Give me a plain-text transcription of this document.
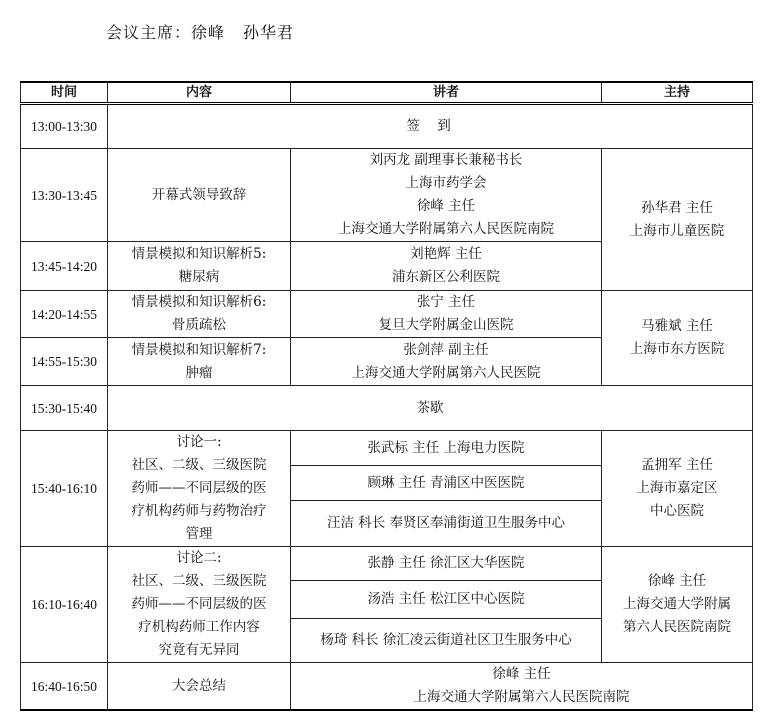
会议主席：徐峰 孙华君
时间	内容	讲者	主持
13:00-13:30	签  到		
13:30-13:45	开幕式领导致辞	刘丙龙 副理事长兼秘书长
上海市药学会
徐峰 主任
上海交通大学附属第六人民医院南院	孙华君 主任
上海市儿童医院

13:45-14:20	情景模拟和知识解析5:
糖尿病	刘艳辉 主任
浦东新区公利医院	

14:20-14:55	情景模拟和知识解析6:
骨质疏松	张宁 主任
复旦大学附属金山医院	马雅斌 主任
上海市东方医院

14:55-15:30	情景模拟和知识解析7:
肿瘤	张剑萍 副主任
上海交通大学附属第六人民医院	

15:30-15:40	茶歇		
15:40-16:10	讨论一:
社区、二级、三级医院
药师——不同层级的医
疗机构药师与药物治疗
管理	张武标 主任 上海电力医院	孟拥军 主任
上海市嘉定区
中心医院

		顾琳 主任 青浦区中医医院	
		汪洁 科长 奉贤区奉浦街道卫生服务中心	
16:10-16:40	讨论二:
社区、二级、三级医院
药师——不同层级的医
疗机构药师工作内容
究竟有无异同	张静 主任 徐汇区大华医院	徐峰 主任
上海交通大学附属
第六人民医院南院

		汤浩 主任 松江区中心医院	
		杨琦 科长 徐汇凌云街道社区卫生服务中心	
16:40-16:50	大会总结	徐峰 主任
上海交通大学附属第六人民医院南院	
